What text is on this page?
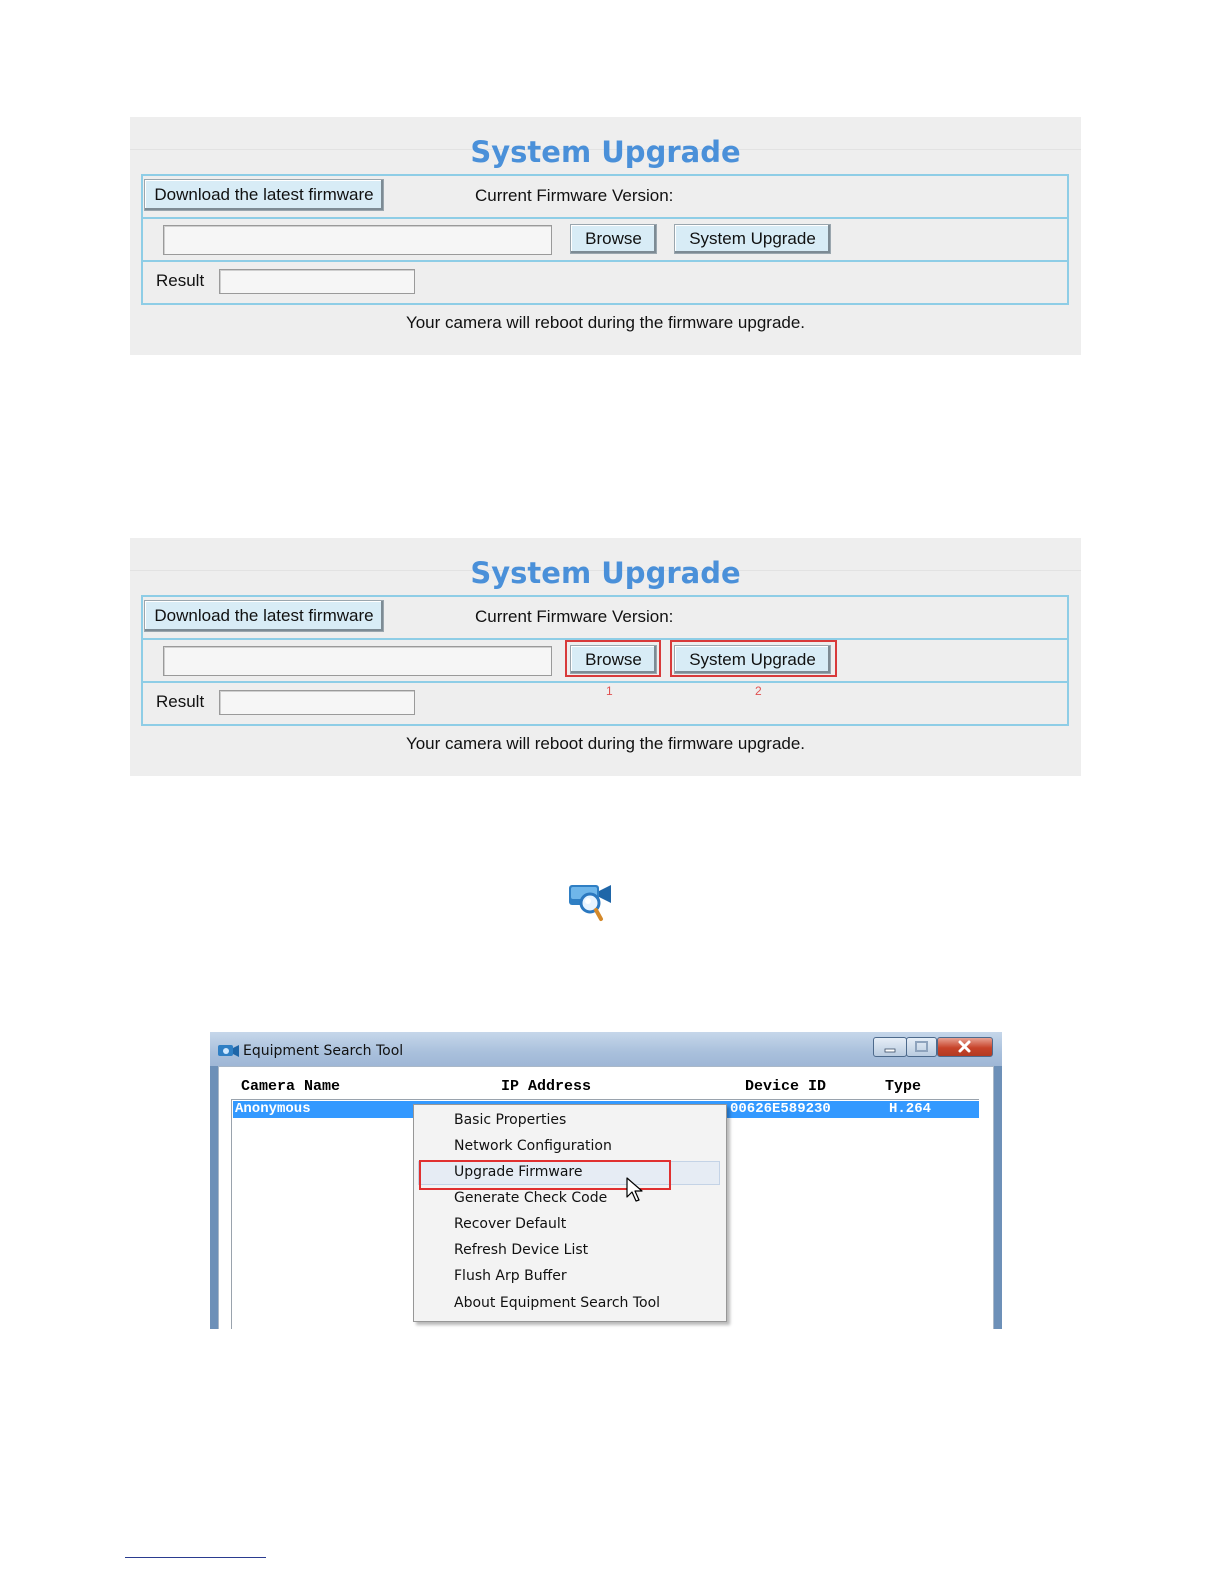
System Upgrade
Download the latest firmware	Current Firmware Version:
Browse	System Upgrade
Result
Your camera will reboot during the firmware upgrade.
System Upgrade
Download the latest firmware	Current Firmware Version:
Browse	System Upgrade
1	2
Result
Your camera will reboot during the firmware upgrade.
Equipment Search Tool
Camera Name	IP Address	Device ID	Type
Anonymous	00626E589230	H.264
Basic Properties
Network Configuration
Upgrade Firmware
Generate Check Code
Recover Default
Refresh Device List
Flush Arp Buffer
About Equipment Search Tool
